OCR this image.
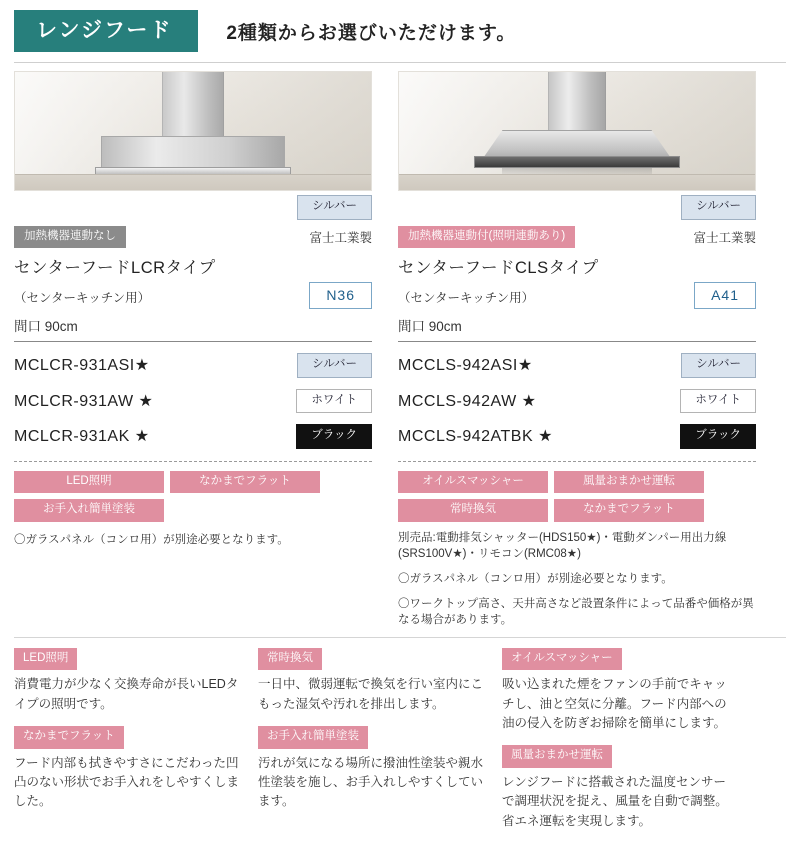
レンジフード	2種類からお選びいただけます。
シルバー
加熱機器連動なし	富士工業製
センターフードLCRタイプ
（センターキッチン用）	N36
間口 90cm
MCLCR-931ASI★	シルバー
MCLCR-931AW ★	ホワイト
MCLCR-931AK ★	ブラック
LED照明	なかまでフラット
お手入れ簡単塗装
〇ガラスパネル（コンロ用）が別途必要となります。
シルバー
加熱機器連動付(照明連動あり)	富士工業製
センターフードCLSタイプ
（センターキッチン用）	A41
間口 90cm
MCCLS-942ASI★	シルバー
MCCLS-942AW ★	ホワイト
MCCLS-942ATBK ★	ブラック
オイルスマッシャー	風量おまかせ運転
常時換気	なかまでフラット
別売品:電動排気シャッター(HDS150★)・電動ダンパー用出力線 (SRS100V★)・リモコン(RMC08★)
〇ガラスパネル（コンロ用）が別途必要となります。
〇ワークトップ高さ、天井高さなど設置条件によって品番や価格が異なる場合があります。
LED照明
消費電力が少なく交換寿命が長いLEDタイプの照明です。
なかまでフラット
フード内部も拭きやすさにこだわった凹凸のない形状でお手入れをしやすくしました。
常時換気
一日中、微弱運転で換気を行い室内にこもった湿気や汚れを排出します。
お手入れ簡単塗装
汚れが気になる場所に撥油性塗装や親水性塗装を施し、お手入れしやすくしています。
オイルスマッシャー
吸い込まれた煙をファンの手前でキャッチし、油と空気に分離。フード内部への油の侵入を防ぎお掃除を簡単にします。
風量おまかせ運転
レンジフードに搭載された温度センサーで調理状況を捉え、風量を自動で調整。省エネ運転を実現します。
